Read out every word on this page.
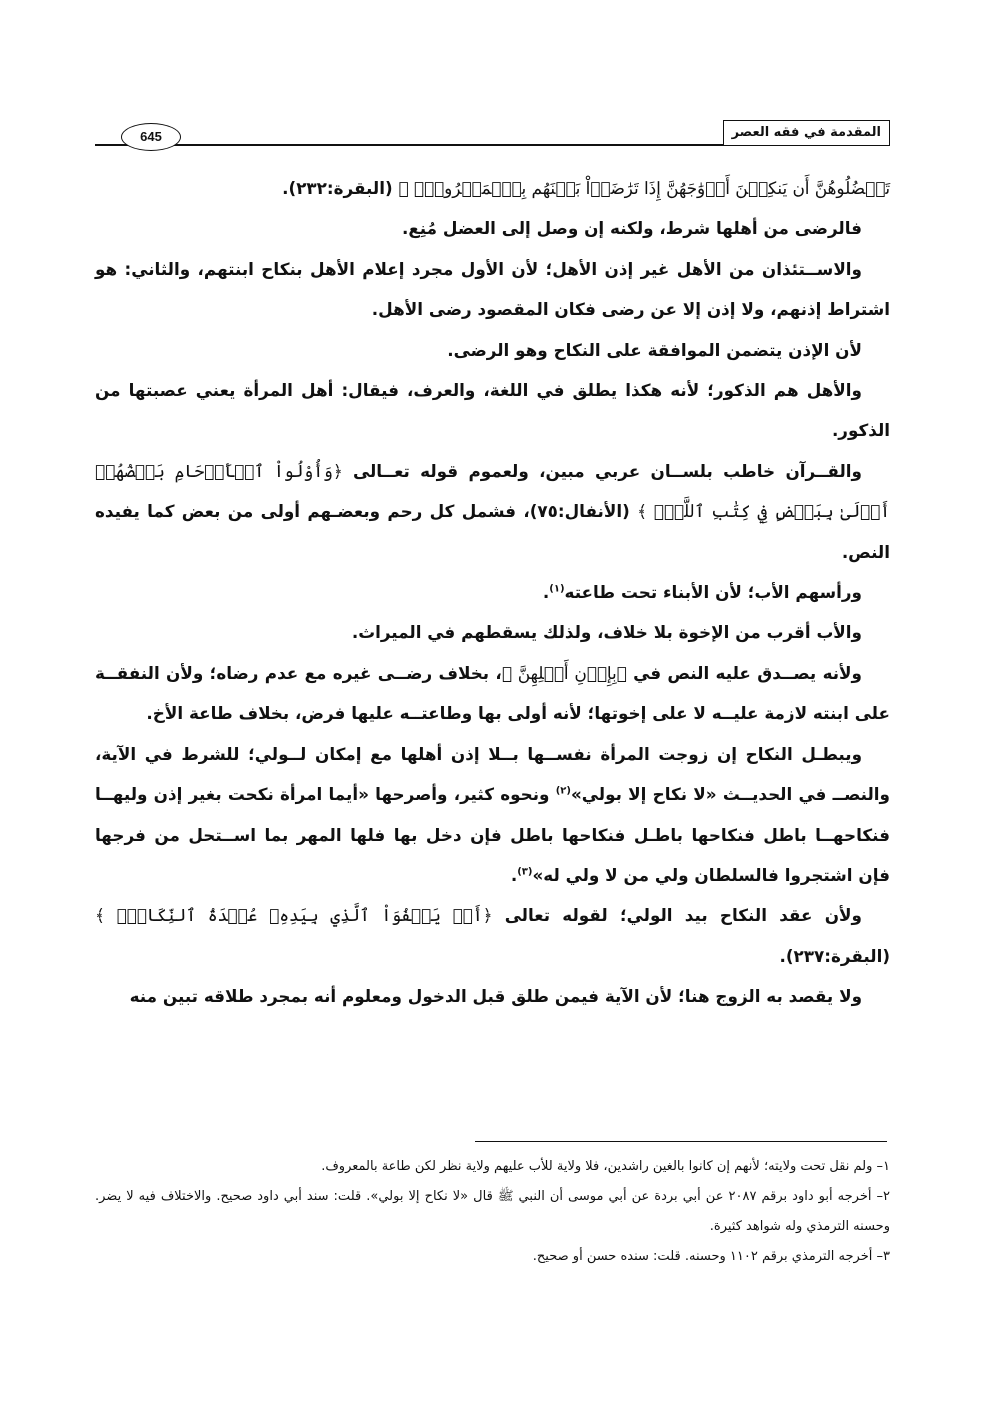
المقدمة في فقه العصر
645

تَعۡضُلُوهُنَّ أَن يَنكِحۡنَ أَزۡوَٰجَهُنَّ إِذَا تَرَٰضَوۡاْ بَيۡنَهُم بِٱلۡمَعۡرُوفِۗ ﴾ (البقرة:٢٣٢).

فالرضى من أهلها شرط، ولكنه إن وصل إلى العضل مُنِع.

والاســتئذان من الأهل غير إذن الأهل؛ لأن الأول مجرد إعلام الأهل بنكاح ابنتهم، والثاني: هو اشتراط إذنهم، ولا إذن إلا عن رضى فكان المقصود رضى الأهل.

لأن الإذن يتضمن الموافقة على النكاح وهو الرضى.

والأهل هم الذكور؛ لأنه هكذا يطلق في اللغة، والعرف، فيقال: أهل المرأة يعني عصبتها من الذكور.

والقــرآن خاطب بلســان عربي مبين، ولعموم قوله تعــالى ﴿وَأُوْلُواْ ٱلۡأَرۡحَامِ بَعۡضُهُمۡ أَوۡلَىٰ بِبَعۡضٍ فِي كِتَٰبِ ٱللَّهِۗ ﴾ (الأنفال:٧٥)، فشمل كل رحم وبعضـهم أولى من بعض كما يفيده النص.

ورأسهم الأب؛ لأن الأبناء تحت طاعته$^{(١)}$.

والأب أقرب من الإخوة بلا خلاف، ولذلك يسقطهم في الميراث.

ولأنه يصــدق عليه النص في ﴿بِإِذۡنِ أَهۡلِهِنَّ ﴾، بخلاف رضــى غيره مع عدم رضاه؛ ولأن النفقــة على ابنته لازمة عليــه لا على إخوتها؛ لأنه أولى بها وطاعتــه عليها فرض، بخلاف طاعة الأخ.

ويبطـل النكاح إن زوجت المرأة نفســها بــلا إذن أهلها مع إمكان لــولي؛ للشرط في الآية، والنصــ في الحديــث «لا نكاح إلا بولي»$^{(٢)}$ ونحوه كثير، وأصرحها «أيما امرأة نكحت بغير إذن وليهــا فنكاحهــا باطل فنكاحها باطـل فنكاحها باطل فإن دخل بها فلها المهر بما اســتحل من فرجها فإن اشتجروا فالسلطان ولي من لا ولي له»$^{(٣)}$.

ولأن عقد النكاح بيد الولي؛ لقوله تعالى ﴿أَوۡ يَعۡفُوَاْ ٱلَّذِي بِيَدِهِۦ عُقۡدَةُ ٱلنِّكَاحِۚ ﴾ (البقرة:٢٣٧).

ولا يقصد به الزوج هنا؛ لأن الآية فيمن طلق قبل الدخول ومعلوم أنه بمجرد طلاقه تبين منه

١– ولم نقل تحت ولايته؛ لأنهم إن كانوا بالغين راشدين، فلا ولاية للأب عليهم ولاية نظر لكن طاعة بالمعروف.

٢– أخرجه أبو داود برقم ٢٠٨٧ عن أبي بردة عن أبي موسى أن النبي ﷺ قال «لا نكاح إلا بولي». قلت: سند أبي داود صحيح. والاختلاف فيه لا يضر. وحسنه الترمذي وله شواهد كثيرة.

٣– أخرجه الترمذي برقم ١١٠٢ وحسنه. قلت: سنده حسن أو صحيح.
